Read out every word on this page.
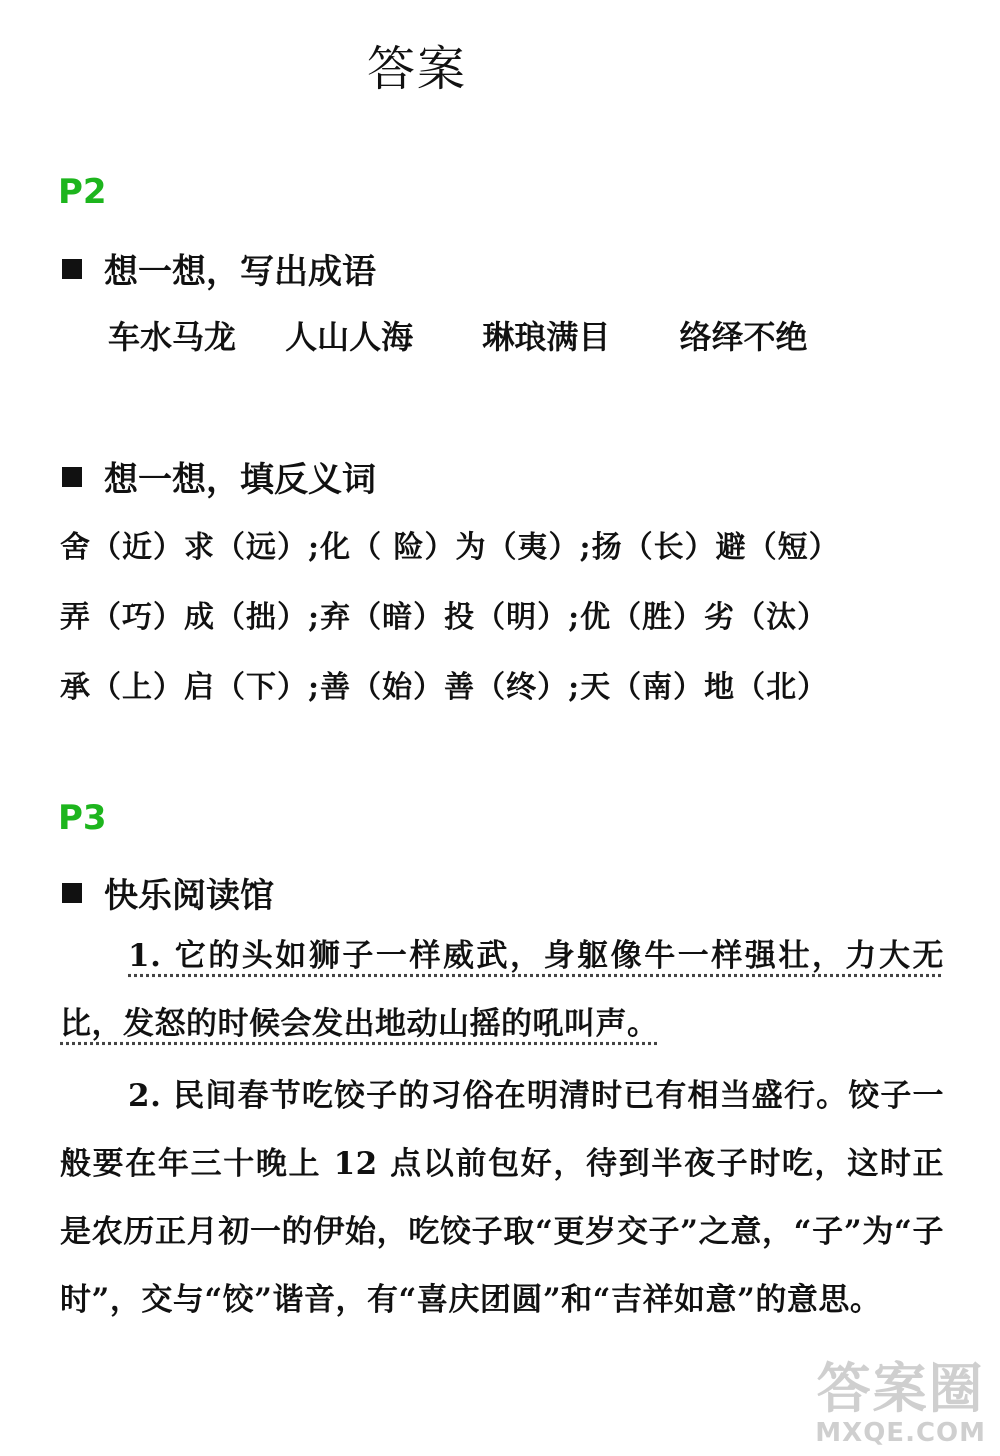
答案
P2
想一想，写出成语
车水马龙 人山人海 琳琅满目 络绎不绝
想一想，填反义词
舍（近）求（远）;化（ 险）为（夷）;扬（长）避（短）
弄（巧）成（拙）;弃（暗）投（明）;优（胜）劣（汰）
承（上）启（下）;善（始）善（终）;天（南）地（北）
P3
快乐阅读馆
1. 它的头如狮子一样威武，身躯像牛一样强壮，力大无比，发怒的时候会发出地动山摇的吼叫声。
2. 民间春节吃饺子的习俗在明清时已有相当盛行。饺子一般要在年三十晚上 12 点以前包好，待到半夜子时吃，这时正是农历正月初一的伊始，吃饺子取“更岁交子”之意，“子”为“子时”，交与“饺”谐音，有“喜庆团圆”和“吉祥如意”的意思。
答案圈
MXQE.COM
